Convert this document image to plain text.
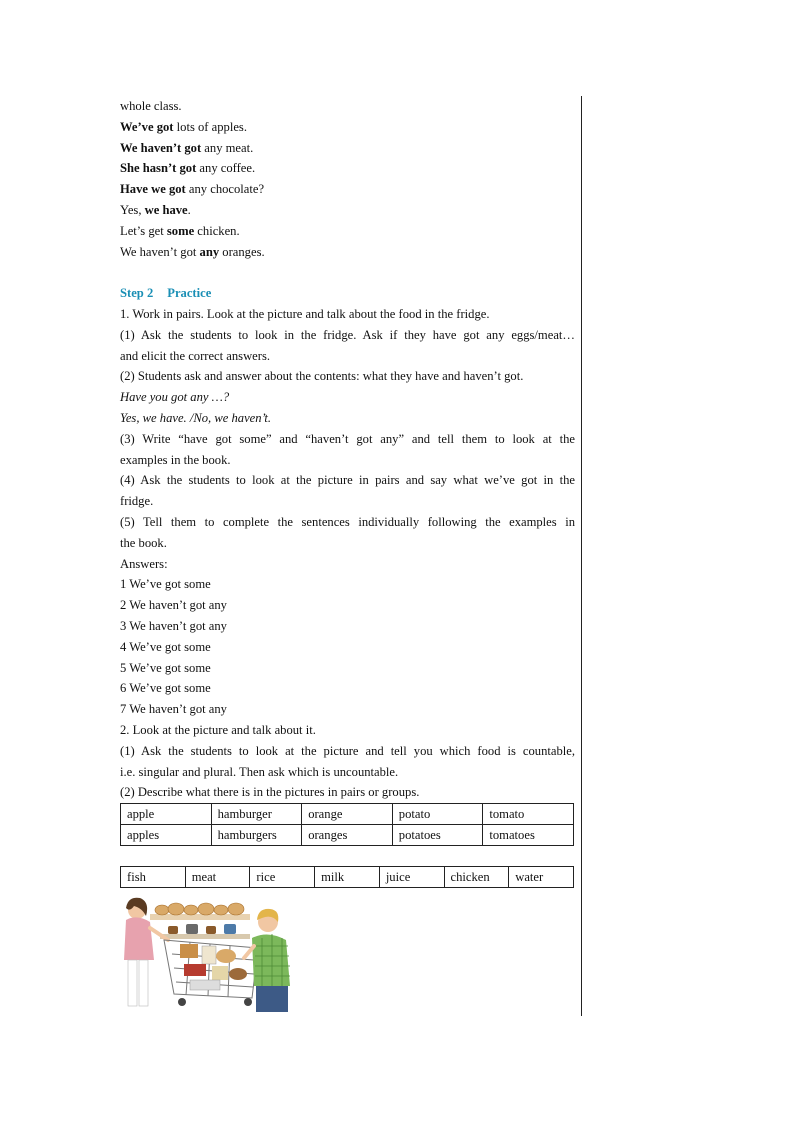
whole class.
We’ve got lots of apples.
We haven’t got any meat.
She hasn’t got any coffee.
Have we got any chocolate?
Yes, we have.
Let’s get some chicken.
We haven’t got any oranges.
Step 2 Practice
1. Work in pairs. Look at the picture and talk about the food in the fridge.
(1) Ask the students to look in the fridge. Ask if they have got any eggs/meat…
and elicit the correct answers.
(2) Students ask and answer about the contents: what they have and haven’t got.
Have you got any …?
Yes, we have. /No, we haven’t.
(3) Write “have got some” and “haven’t got any” and tell them to look at the
examples in the book.
(4) Ask the students to look at the picture in pairs and say what we’ve got in the
fridge.
(5) Tell them to complete the sentences individually following the examples in
the book.
Answers:
1 We’ve got some
2 We haven’t got any
3 We haven’t got any
4 We’ve got some
5 We’ve got some
6 We’ve got some
7 We haven’t got any
2. Look at the picture and talk about it.
(1) Ask the students to look at the picture and tell you which food is countable,
i.e. singular and plural. Then ask which is uncountable.
(2) Describe what there is in the pictures in pairs or groups.
apple	hamburger	orange	potato	tomato
apples	hamburgers	oranges	potatoes	tomatoes
fish	meat	rice	milk	juice	chicken	water
